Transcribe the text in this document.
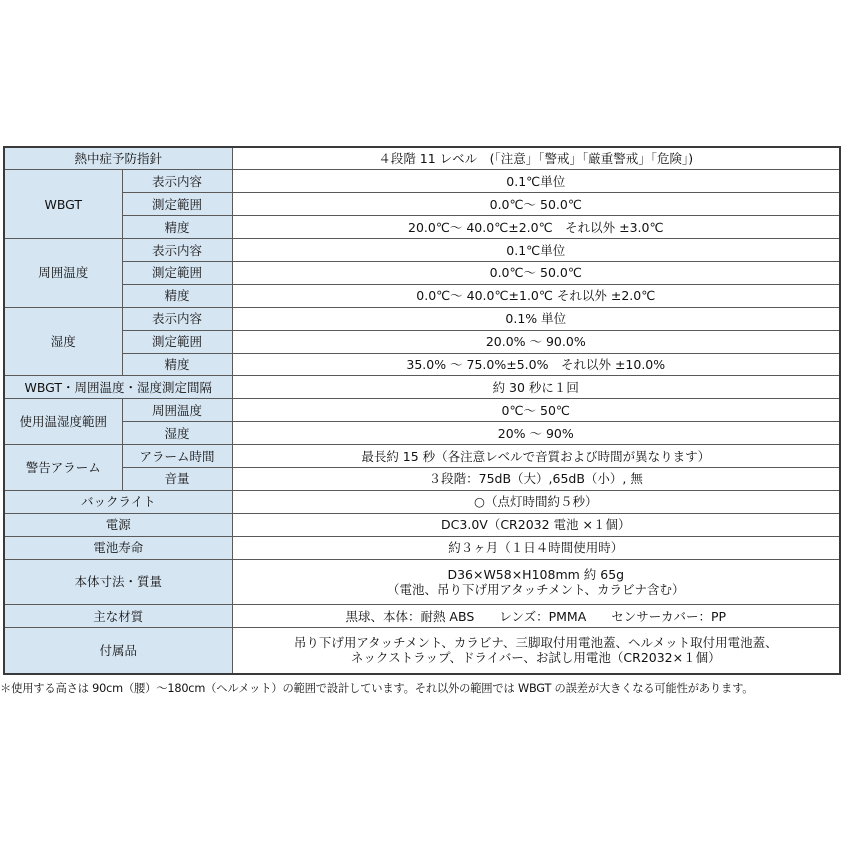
熱中症予防指針		４段階 11 レベル　(「注意」「警戒」「厳重警戒」「危険」)
WBGT	表示内容	0.1℃単位
	測定範囲	0.0℃～ 50.0℃
	精度	20.0℃～ 40.0℃±2.0℃　それ以外 ±3.0℃
周囲温度	表示内容	0.1℃単位
	測定範囲	0.0℃～ 50.0℃
	精度	0.0℃～ 40.0℃±1.0℃ それ以外 ±2.0℃
湿度	表示内容	0.1% 単位
	測定範囲	20.0% ～ 90.0%
	精度	35.0% ～ 75.0%±5.0%　それ以外 ±10.0%
WBGT・周囲温度・湿度測定間隔		約 30 秒に１回
使用温湿度範囲	周囲温度	0℃～ 50℃
	湿度	20% ～ 90%
警告アラーム	アラーム時間	最長約 15 秒（各注意レベルで音質および時間が異なります）
	音量	３段階：75dB（大）,65dB（小）, 無
バックライト		○（点灯時間約５秒）
電源		DC3.0V（CR2032 電池 ×１個）
電池寿命		約３ヶ月（１日４時間使用時）
本体寸法・質量		D36×W58×H108mm 約 65g
（電池、吊り下げ用アタッチメント、カラビナ含む）

主な材質		黒球、本体：耐熱 ABS　　レンズ：PMMA　　センサーカバー：PP
付属品		吊り下げ用アタッチメント、カラビナ、三脚取付用電池蓋、ヘルメット取付用電池蓋、
ネックストラップ、ドライバー、お試し用電池（CR2032×１個）
＊使用する高さは 90cm（腰）～180cm（ヘルメット）の範囲で設計しています。それ以外の範囲では WBGT の誤差が大きくなる可能性があります。
